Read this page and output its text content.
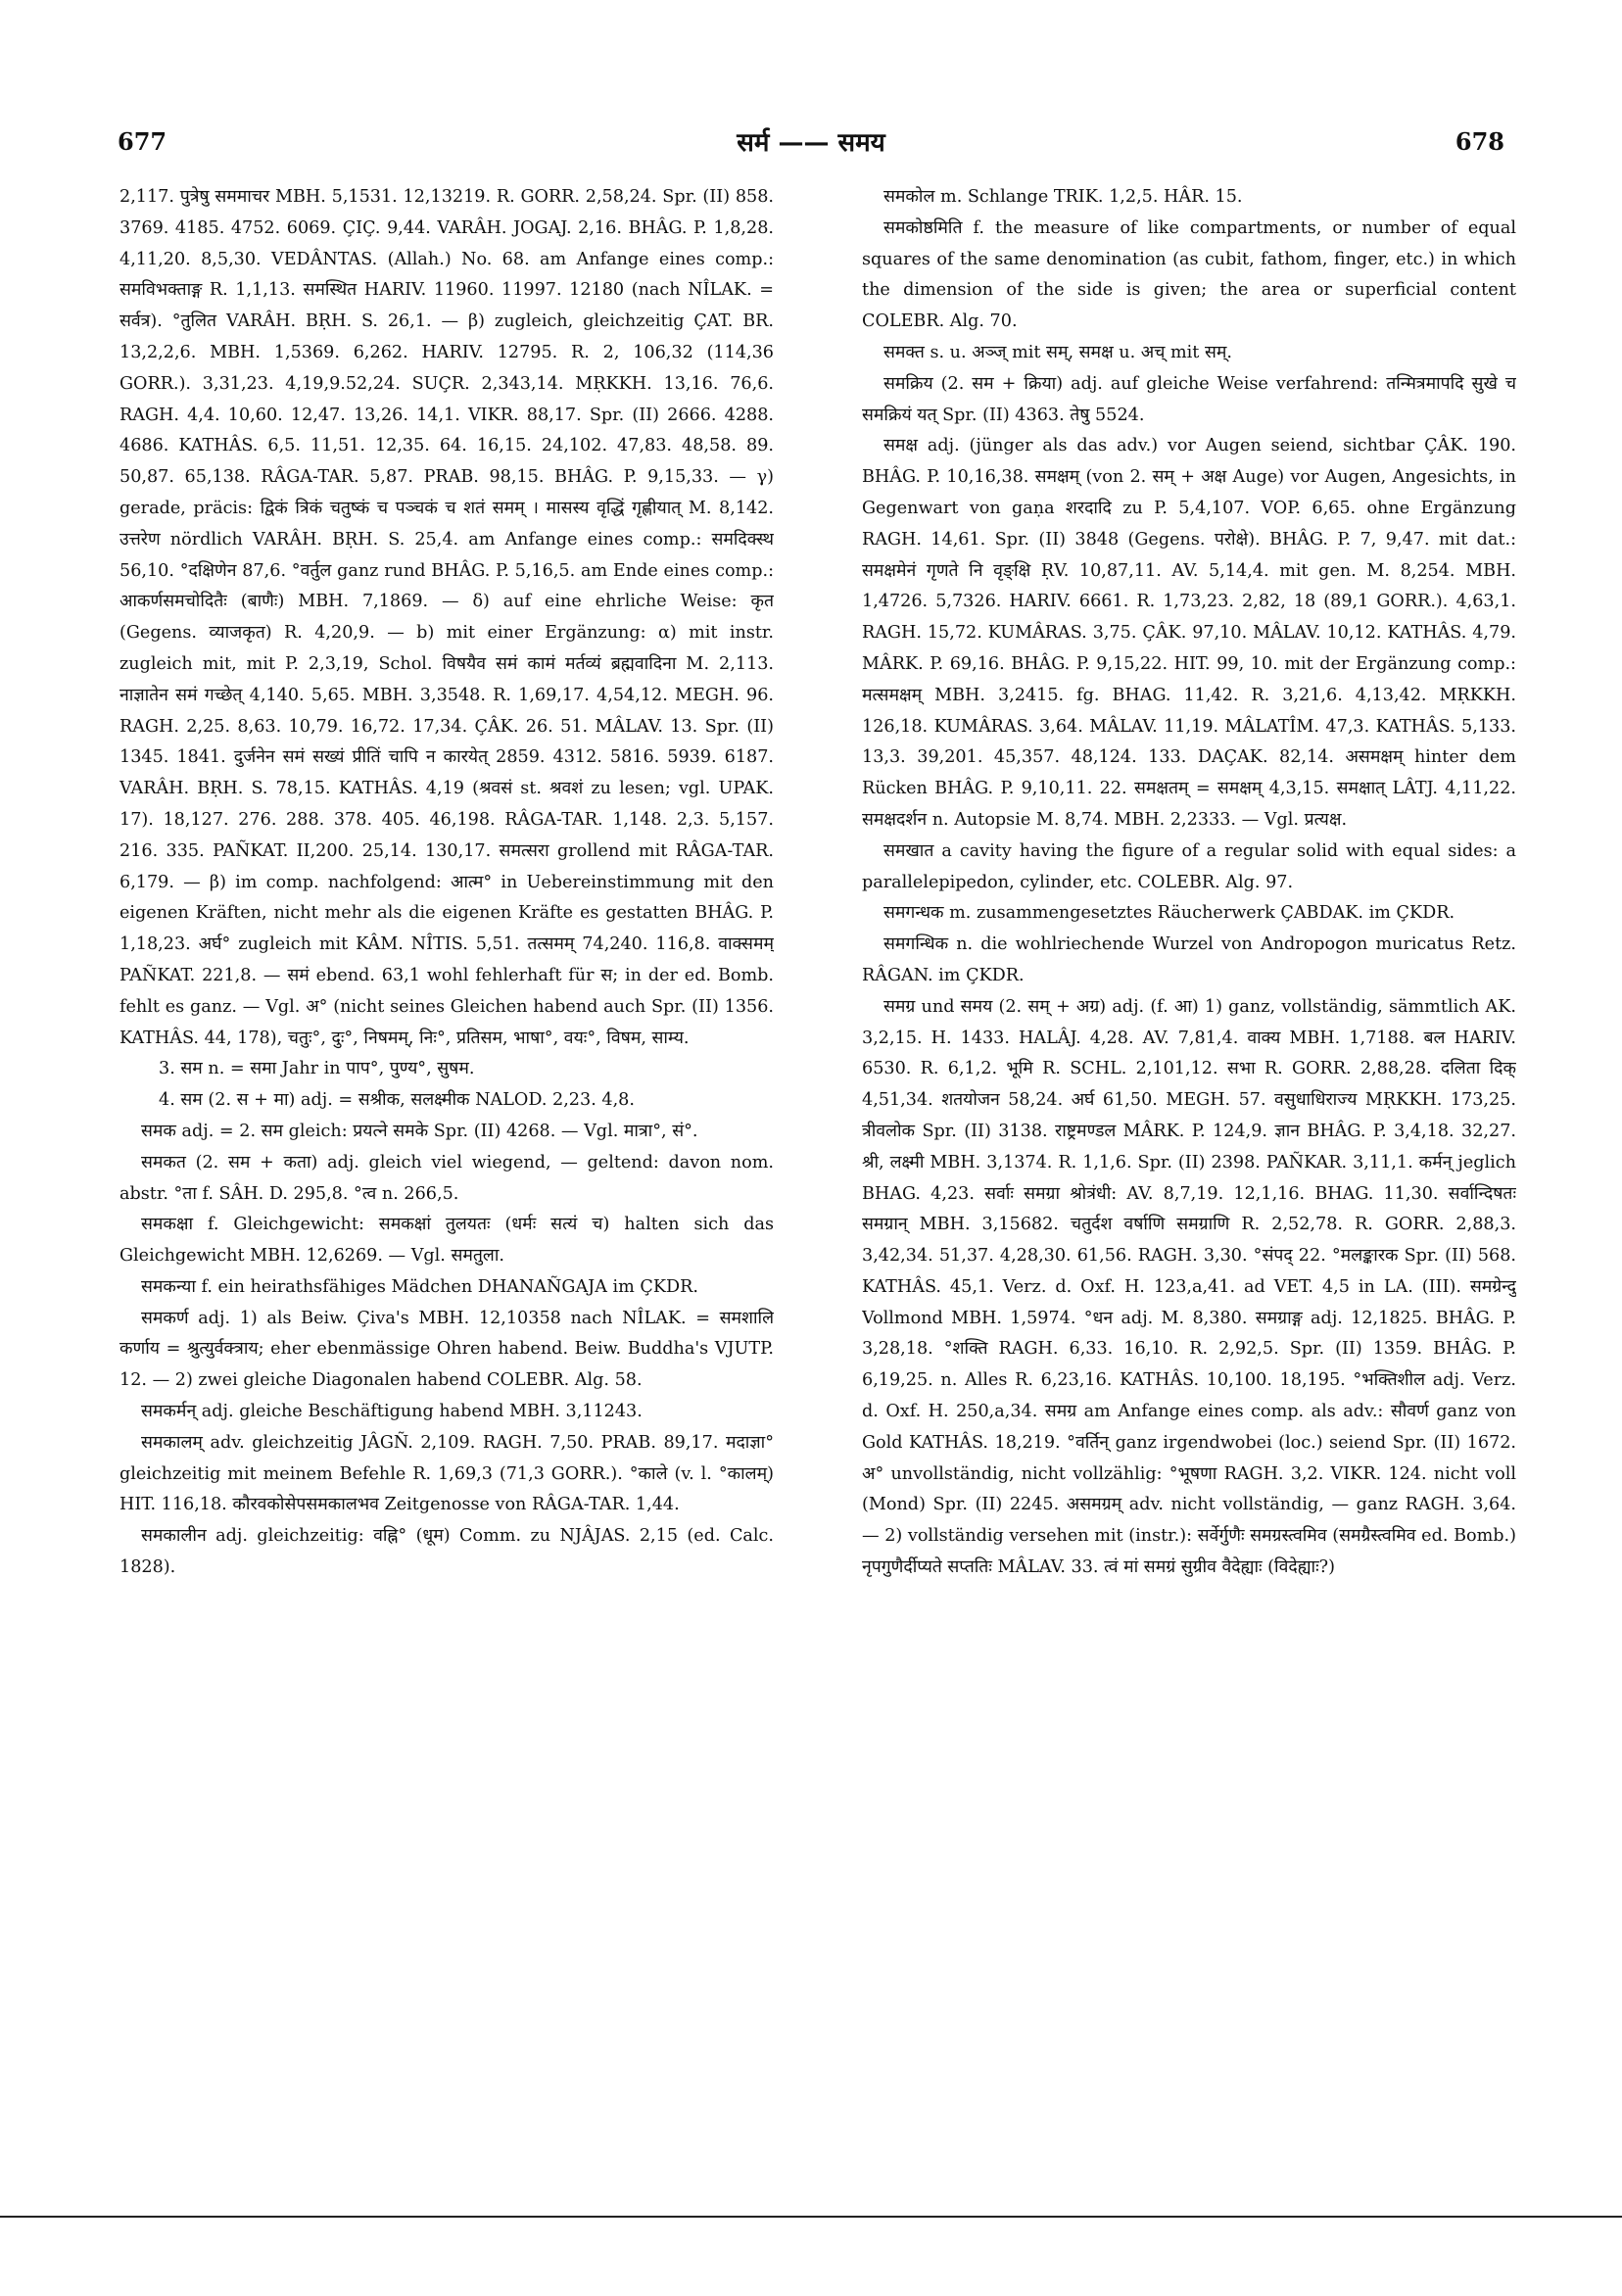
677	सर्म —— समय	678

2,117. पुत्रेषु सममाचर MBH. 5,1531. 12,13219. R. GORR. 2,58,24. Spr. (II) 858. 3769. 4185. 4752. 6069. ÇIÇ. 9,44. VARÂH. JOGAJ. 2,16. BHÂG. P. 1,8,28. 4,11,20. 8,5,30. VEDÂNTAS. (Allah.) No. 68. am Anfange eines comp.: समविभक्ताङ्ग R. 1,1,13. समस्थित HARIV. 11960. 11997. 12180 (nach NÎLAK. = सर्वत्र). °तुलित VARÂH. BṚH. S. 26,1. — β) zugleich, gleichzeitig ÇAT. BR. 13,2,2,6. MBH. 1,5369. 6,262. HARIV. 12795. R. 2, 106,32 (114,36 GORR.). 3,31,23. 4,19,9.52,24. SUÇR. 2,343,14. MṚKKH. 13,16. 76,6. RAGH. 4,4. 10,60. 12,47. 13,26. 14,1. VIKR. 88,17. Spr. (II) 2666. 4288. 4686. KATHÂS. 6,5. 11,51. 12,35. 64. 16,15. 24,102. 47,83. 48,58. 89. 50,87. 65,138. RÂGA-TAR. 5,87. PRAB. 98,15. BHÂG. P. 9,15,33. — γ) gerade, präcis: द्विकं त्रिकं चतुष्कं च पञ्चकं च शतं समम् । मासस्य वृद्धिं गृह्णीयात् M. 8,142. उत्तरेण nördlich VARÂH. BṚH. S. 25,4. am Anfange eines comp.: समदिक्स्थ 56,10. °दक्षिणेन 87,6. °वर्तुल ganz rund BHÂG. P. 5,16,5. am Ende eines comp.: आकर्णसमचोदितैः (बाणैः) MBH. 7,1869. — δ) auf eine ehrliche Weise: कृत (Gegens. व्याजकृत) R. 4,20,9. — b) mit einer Ergänzung: α) mit instr. zugleich mit, mit P. 2,3,19, Schol. विषयैव समं कामं मर्तव्यं ब्रह्मवादिना M. 2,113. नाज्ञातेन समं गच्छेत् 4,140. 5,65. MBH. 3,3548. R. 1,69,17. 4,54,12. MEGH. 96. RAGH. 2,25. 8,63. 10,79. 16,72. 17,34. ÇÂK. 26. 51. MÂLAV. 13. Spr. (II) 1345. 1841. दुर्जनेन समं सख्यं प्रीतिं चापि न कारयेत् 2859. 4312. 5816. 5939. 6187. VARÂH. BṚH. S. 78,15. KATHÂS. 4,19 (श्रवसं st. श्रवशं zu lesen; vgl. UPAK. 17). 18,127. 276. 288. 378. 405. 46,198. RÂGA-TAR. 1,148. 2,3. 5,157. 216. 335. PAÑKAT. II,200. 25,14. 130,17. समत्सरा grollend mit RÂGA-TAR. 6,179. — β) im comp. nachfolgend: आत्म° in Uebereinstimmung mit den eigenen Kräften, nicht mehr als die eigenen Kräfte es gestatten BHÂG. P. 1,18,23. अर्घ° zugleich mit KÂM. NÎTIS. 5,51. तत्समम् 74,240. 116,8. वाक्समम् PAÑKAT. 221,8. — समं ebend. 63,1 wohl fehlerhaft für स; in der ed. Bomb. fehlt es ganz. — Vgl. अ° (nicht seines Gleichen habend auch Spr. (II) 1356. KATHÂS. 44, 178), चतुः°, दुः°, निषमम्, निः°, प्रतिसम, भाषा°, वयः°, विषम, साम्य.

3. सम n. = समा Jahr in पाप°, पुण्य°, सुषम.

4. सम (2. स + मा) adj. = सश्रीक, सलक्ष्मीक NALOD. 2,23. 4,8.

समक adj. = 2. सम gleich: प्रयत्ने समके Spr. (II) 4268. — Vgl. मात्रा°, सं°.

समकत (2. सम + कता) adj. gleich viel wiegend, — geltend: davon nom. abstr. °ता f. SÂH. D. 295,8. °त्व n. 266,5.

समकक्षा f. Gleichgewicht: समकक्षां तुलयतः (धर्मः सत्यं च) halten sich das Gleichgewicht MBH. 12,6269. — Vgl. समतुला.

समकन्या f. ein heirathsfähiges Mädchen DHANAÑGAJA im ÇKDR.

समकर्ण adj. 1) als Beiw. Çiva's MBH. 12,10358 nach NÎLAK. = समशालि कर्णाय = श्रुत्युर्वक्त्राय; eher ebenmässige Ohren habend. Beiw. Buddha's VJUTP. 12. — 2) zwei gleiche Diagonalen habend COLEBR. Alg. 58.

समकर्मन् adj. gleiche Beschäftigung habend MBH. 3,11243.

समकालम् adv. gleichzeitig JÂGÑ. 2,109. RAGH. 7,50. PRAB. 89,17. मदाज्ञा° gleichzeitig mit meinem Befehle R. 1,69,3 (71,3 GORR.). °काले (v. l. °कालम्) HIT. 116,18. कौरवकोसेपसमकालभव Zeitgenosse von RÂGA-TAR. 1,44.

समकालीन adj. gleichzeitig: वह्नि° (धूम) Comm. zu NJÂJAS. 2,15 (ed. Calc. 1828).

समकोल m. Schlange TRIK. 1,2,5. HÂR. 15.

समकोष्ठमिति f. the measure of like compartments, or number of equal squares of the same denomination (as cubit, fathom, finger, etc.) in which the dimension of the side is given; the area or superficial content COLEBR. Alg. 70.

समक्त s. u. अञ्ज् mit सम्, समक्ष u. अच् mit सम्.

समक्रिय (2. सम + क्रिया) adj. auf gleiche Weise verfahrend: तन्मित्रमापदि सुखे च समक्रियं यत् Spr. (II) 4363. तेषु 5524.

समक्ष adj. (jünger als das adv.) vor Augen seiend, sichtbar ÇÂK. 190. BHÂG. P. 10,16,38. समक्षम् (von 2. सम् + अक्ष Auge) vor Augen, Angesichts, in Gegenwart von gaṇa शरदादि zu P. 5,4,107. VOP. 6,65. ohne Ergänzung RAGH. 14,61. Spr. (II) 3848 (Gegens. परोक्षे). BHÂG. P. 7, 9,47. mit dat.: समक्षमेनं गृणते नि वृङ्क्षि ṚV. 10,87,11. AV. 5,14,4. mit gen. M. 8,254. MBH. 1,4726. 5,7326. HARIV. 6661. R. 1,73,23. 2,82, 18 (89,1 GORR.). 4,63,1. RAGH. 15,72. KUMÂRAS. 3,75. ÇÂK. 97,10. MÂLAV. 10,12. KATHÂS. 4,79. MÂRK. P. 69,16. BHÂG. P. 9,15,22. HIT. 99, 10. mit der Ergänzung comp.: मत्समक्षम् MBH. 3,2415. fg. BHAG. 11,42. R. 3,21,6. 4,13,42. MṚKKH. 126,18. KUMÂRAS. 3,64. MÂLAV. 11,19. MÂLATÎM. 47,3. KATHÂS. 5,133. 13,3. 39,201. 45,357. 48,124. 133. DAÇAK. 82,14. असमक्षम् hinter dem Rücken BHÂG. P. 9,10,11. 22. समक्षतम् = समक्षम् 4,3,15. समक्षात् LÂTJ. 4,11,22. समक्षदर्शन n. Autopsie M. 8,74. MBH. 2,2333. — Vgl. प्रत्यक्ष.

समखात a cavity having the figure of a regular solid with equal sides: a parallelepipedon, cylinder, etc. COLEBR. Alg. 97.

समगन्धक m. zusammengesetztes Räucherwerk ÇABDAK. im ÇKDR.

समगन्धिक n. die wohlriechende Wurzel von Andropogon muricatus Retz. RÂGAN. im ÇKDR.

समग्र und समय (2. सम् + अग्र) adj. (f. आ) 1) ganz, vollständig, sämmtlich AK. 3,2,15. H. 1433. HALÂJ. 4,28. AV. 7,81,4. वाक्य MBH. 1,7188. बल HARIV. 6530. R. 6,1,2. भूमि R. SCHL. 2,101,12. सभा R. GORR. 2,88,28. दलिता दिक् 4,51,34. शतयोजन 58,24. अर्घ 61,50. MEGH. 57. वसुधाधिराज्य MṚKKH. 173,25. त्रीवलोक Spr. (II) 3138. राष्ट्रमण्डल MÂRK. P. 124,9. ज्ञान BHÂG. P. 3,4,18. 32,27. श्री, लक्ष्मी MBH. 3,1374. R. 1,1,6. Spr. (II) 2398. PAÑKAR. 3,11,1. कर्मन् jeglich BHAG. 4,23. सर्वाः समग्रा श्रोत्रंधी: AV. 8,7,19. 12,1,16. BHAG. 11,30. सर्वान्दिषतः समग्रान् MBH. 3,15682. चतुर्दश वर्षाणि समग्राणि R. 2,52,78. R. GORR. 2,88,3. 3,42,34. 51,37. 4,28,30. 61,56. RAGH. 3,30. °संपद् 22. °मलङ्कारक Spr. (II) 568. KATHÂS. 45,1. Verz. d. Oxf. H. 123,a,41. ad VET. 4,5 in LA. (III). समग्रेन्दु Vollmond MBH. 1,5974. °धन adj. M. 8,380. समग्राङ्ग adj. 12,1825. BHÂG. P. 3,28,18. °शक्ति RAGH. 6,33. 16,10. R. 2,92,5. Spr. (II) 1359. BHÂG. P. 6,19,25. n. Alles R. 6,23,16. KATHÂS. 10,100. 18,195. °भक्तिशील adj. Verz. d. Oxf. H. 250,a,34. समग्र am Anfange eines comp. als adv.: सौवर्ण ganz von Gold KATHÂS. 18,219. °वर्तिन् ganz irgendwobei (loc.) seiend Spr. (II) 1672. अ° unvollständig, nicht vollzählig: °भूषणा RAGH. 3,2. VIKR. 124. nicht voll (Mond) Spr. (II) 2245. असमग्रम् adv. nicht vollständig, — ganz RAGH. 3,64. — 2) vollständig versehen mit (instr.): सर्वेर्गुणैः समग्रस्त्वमिव (समग्रैस्त्वमिव ed. Bomb.) नृपगुणैर्दीप्यते सप्ततिः MÂLAV. 33. त्वं मां समग्रं सुग्रीव वैदेह्याः (विदेह्याः?)
